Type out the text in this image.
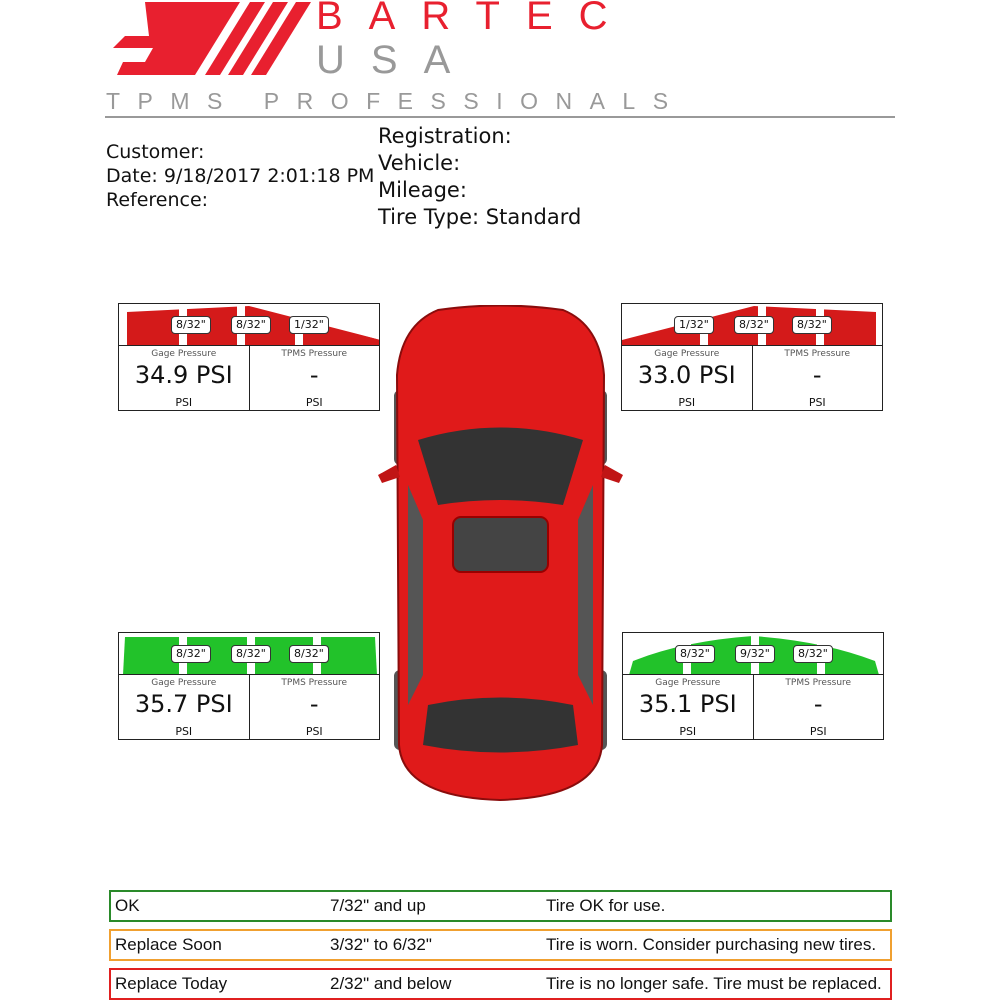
BARTEC
USA
TPMS PROFESSIONALS
Customer:
Date: 9/18/2017 2:01:18 PM
Reference:
Registration:
Vehicle:
Mileage:
Tire Type: Standard
8/32"	8/32"	1/32"
Gage Pressure
34.9 PSI
PSI
TPMS Pressure
-
PSI
1/32"	8/32"	8/32"
Gage Pressure
33.0 PSI
PSI
TPMS Pressure
-
PSI
8/32"	8/32"	8/32"
Gage Pressure
35.7 PSI
PSI
TPMS Pressure
-
PSI
8/32"	9/32"	8/32"
Gage Pressure
35.1 PSI
PSI
TPMS Pressure
-
PSI
OK	7/32" and up	Tire OK for use.
Replace Soon	3/32" to 6/32"	Tire is worn. Consider purchasing new tires.
Replace Today	2/32" and below	Tire is no longer safe. Tire must be replaced.
